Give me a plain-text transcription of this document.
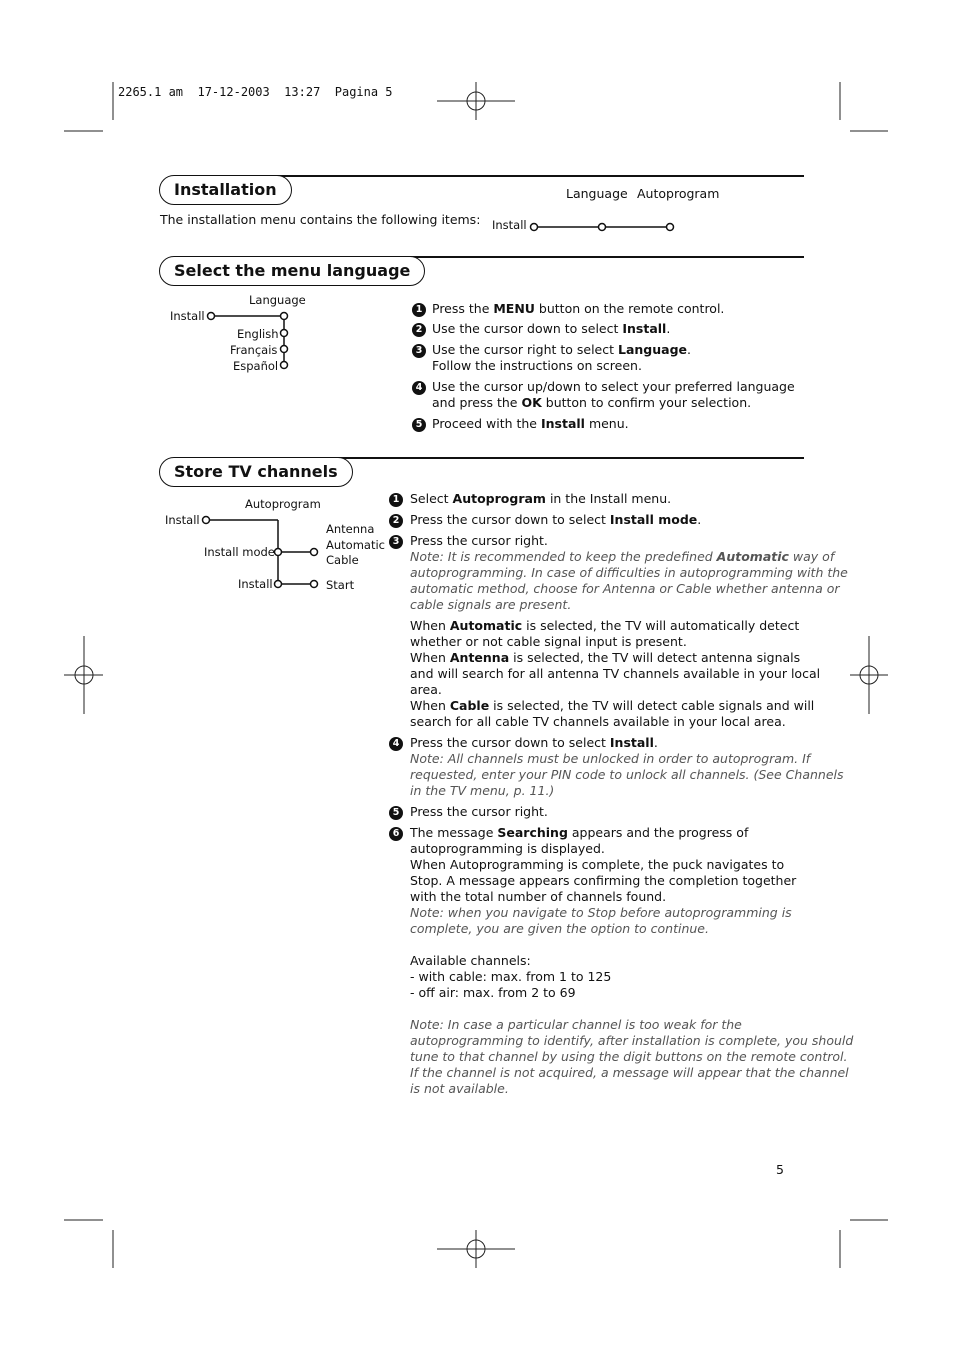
2265.1 am  17-12-2003  13:27  Pagina 5
Installation
The installation menu contains the following items:
Language Autoprogram
Install
Select the menu language
Language
Install
English
Français
Español
1 Press the MENU button on the remote control.
2 Use the cursor down to select Install.
3 Use the cursor right to select Language.
Follow the instructions on screen.
4 Use the cursor up/down to select your preferred language
and press the OK button to confirm your selection.
5 Proceed with the Install menu.
Store TV channels
Autoprogram
Install
Install mode
Install
Antenna
Automatic
Cable
Start
1 Select Autoprogram in the Install menu.
2 Press the cursor down to select Install mode.
3 Press the cursor right.
Note: It is recommended to keep the predefined Automatic way of
autoprogramming. In case of difficulties in autoprogramming with the
automatic method, choose for Antenna or Cable whether antenna or
cable signals are present.
When Automatic is selected, the TV will automatically detect
whether or not cable signal input is present.
When Antenna is selected, the TV will detect antenna signals
and will search for all antenna TV channels available in your local
area.
When Cable is selected, the TV will detect cable signals and will
search for all cable TV channels available in your local area.
4 Press the cursor down to select Install.
Note: All channels must be unlocked in order to autoprogram. If
requested, enter your PIN code to unlock all channels. (See Channels
in the TV menu, p. 11.)
5 Press the cursor right.
6 The message Searching appears and the progress of
autoprogramming is displayed.
When Autoprogramming is complete, the puck navigates to
Stop. A message appears confirming the completion together
with the total number of channels found.
Note: when you navigate to Stop before autoprogramming is
complete, you are given the option to continue.
Available channels:
- with cable: max. from 1 to 125
- off air: max. from 2 to 69
Note: In case a particular channel is too weak for the
autoprogramming to identify, after installation is complete, you should
tune to that channel by using the digit buttons on the remote control.
If the channel is not acquired, a message will appear that the channel
is not available.
5
